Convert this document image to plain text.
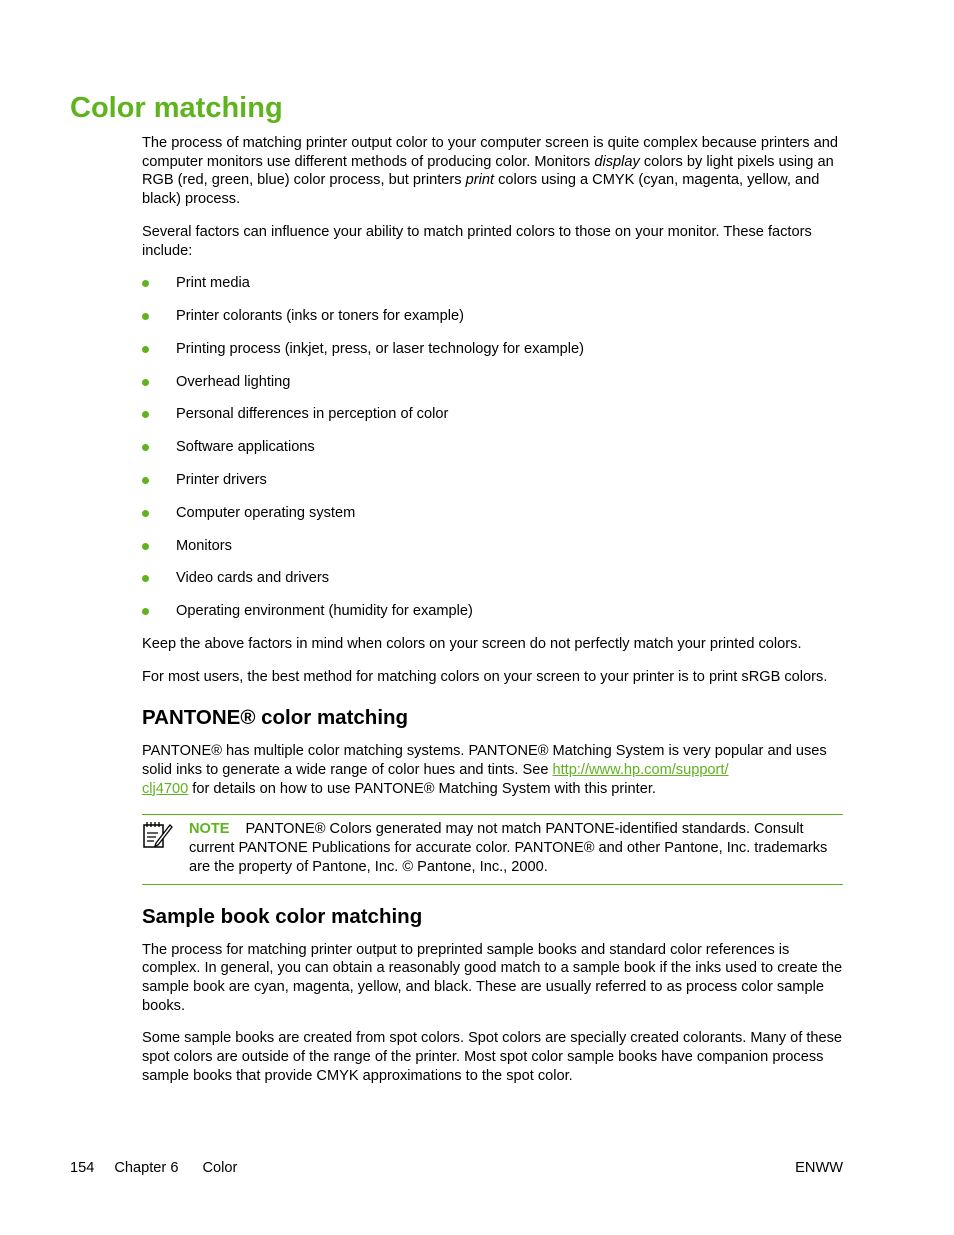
Color matching

The process of matching printer output color to your computer screen is quite complex because printers and computer monitors use different methods of producing color. Monitors display colors by light pixels using an RGB (red, green, blue) color process, but printers print colors using a CMYK (cyan, magenta, yellow, and black) process.

Several factors can influence your ability to match printed colors to those on your monitor. These factors include:

Print media
Printer colorants (inks or toners for example)
Printing process (inkjet, press, or laser technology for example)
Overhead lighting
Personal differences in perception of color
Software applications
Printer drivers
Computer operating system
Monitors
Video cards and drivers
Operating environment (humidity for example)

Keep the above factors in mind when colors on your screen do not perfectly match your printed colors.

For most users, the best method for matching colors on your screen to your printer is to print sRGB colors.

PANTONE® color matching

PANTONE® has multiple color matching systems. PANTONE® Matching System is very popular and uses solid inks to generate a wide range of color hues and tints. See http://www.hp.com/support/
clj4700 for details on how to use PANTONE® Matching System with this printer.

NOTE PANTONE® Colors generated may not match PANTONE-identified standards. Consult current PANTONE Publications for accurate color. PANTONE® and other Pantone, Inc. trademarks are the property of Pantone, Inc. © Pantone, Inc., 2000.
Sample book color matching

The process for matching printer output to preprinted sample books and standard color references is complex. In general, you can obtain a reasonably good match to a sample book if the inks used to create the sample book are cyan, magenta, yellow, and black. These are usually referred to as process color sample books.

Some sample books are created from spot colors. Spot colors are specially created colorants. Many of these spot colors are outside of the range of the printer. Most spot color sample books have companion process sample books that provide CMYK approximations to the spot color.

154 Chapter 6 Color	ENWW
